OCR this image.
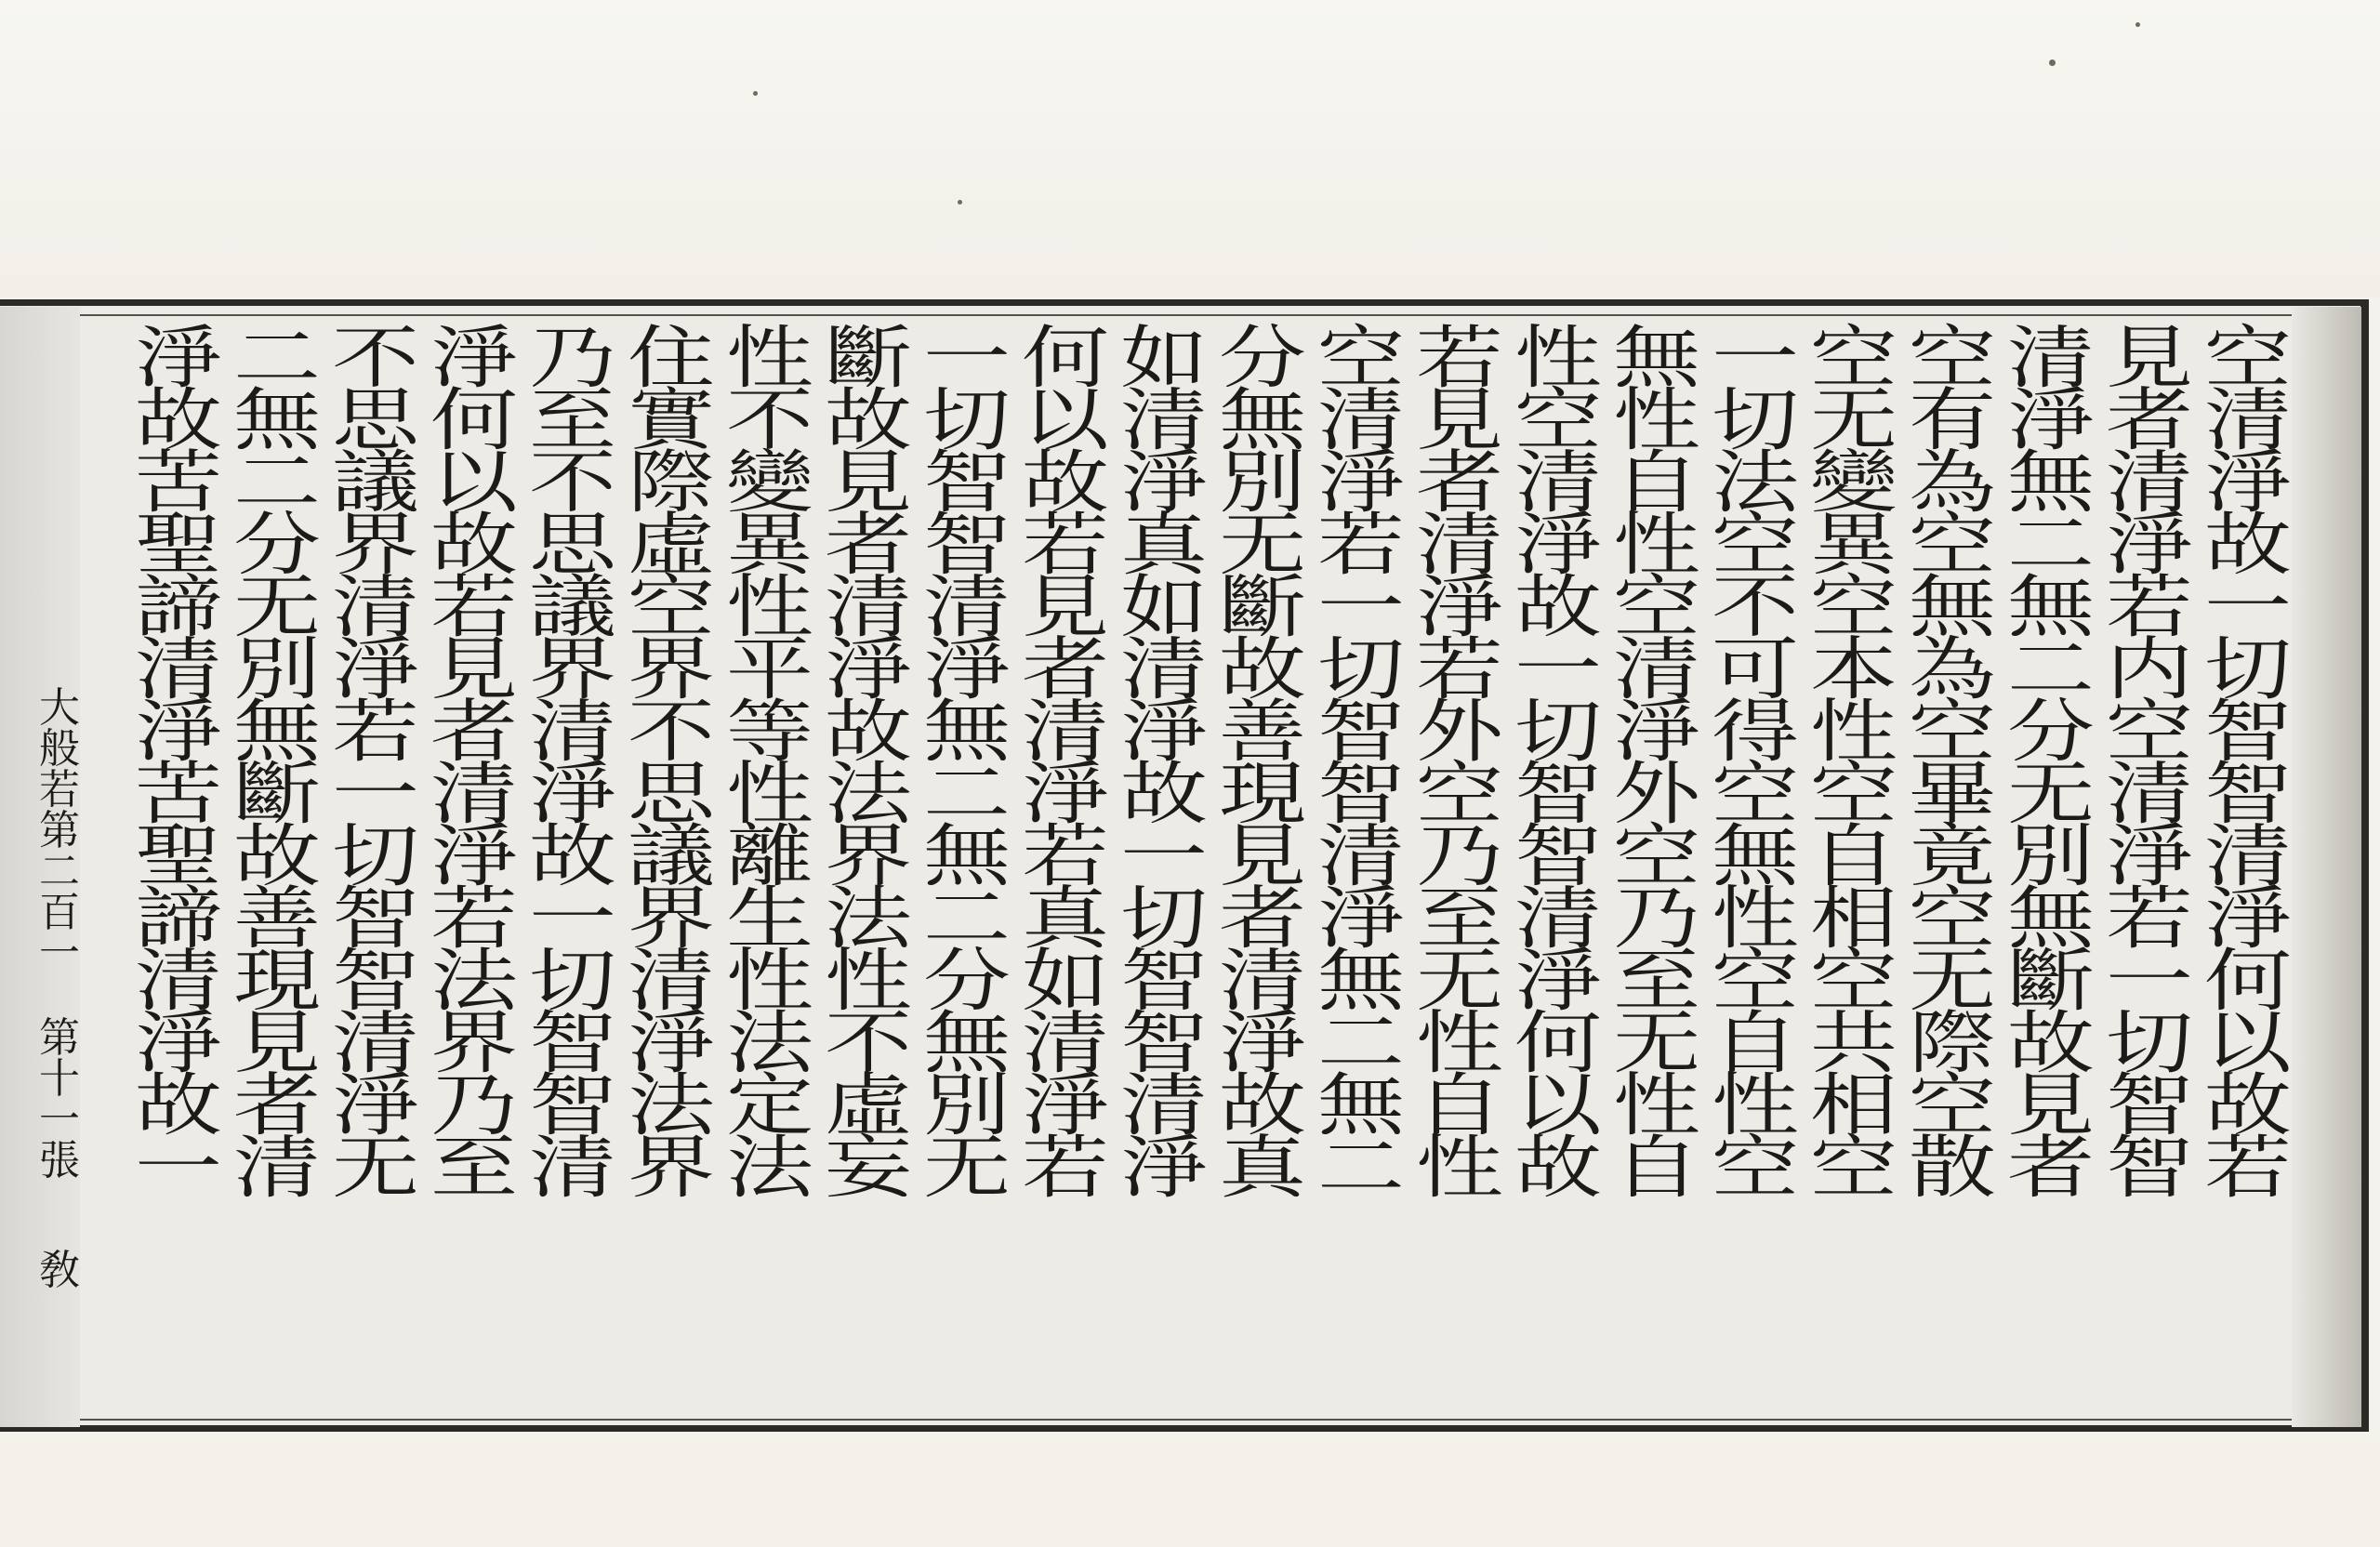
空
清
淨
故
一
切
智
智
清
淨
何
以
故
若
見
者
清
淨
若
内
空
清
淨
若
一
切
智
智
清
淨
無
二
無
二
分
无
別
無
斷
故
見
者
空
有
為
空
無
為
空
畢
竟
空
无
際
空
散
空
无
變
異
空
本
性
空
自
相
空
共
相
空
一
切
法
空
不
可
得
空
無
性
空
自
性
空
無
性
自
性
空
清
淨
外
空
乃
至
无
性
自
性
空
清
淨
故
一
切
智
智
清
淨
何
以
故
若
見
者
清
淨
若
外
空
乃
至
无
性
自
性
空
清
淨
若
一
切
智
智
清
淨
無
二
無
二
分
無
別
无
斷
故
善
現
見
者
清
淨
故
真
如
清
淨
真
如
清
淨
故
一
切
智
智
清
淨
何
以
故
若
見
者
清
淨
若
真
如
清
淨
若
一
切
智
智
清
淨
無
二
無
二
分
無
別
无
斷
故
見
者
清
淨
故
法
界
法
性
不
虛
妄
性
不
變
異
性
平
等
性
離
生
性
法
定
法
住
實
際
虛
空
界
不
思
議
界
清
淨
法
界
乃
至
不
思
議
界
清
淨
故
一
切
智
智
清
淨
何
以
故
若
見
者
清
淨
若
法
界
乃
至
不
思
議
界
清
淨
若
一
切
智
智
清
淨
无
二
無
二
分
无
別
無
斷
故
善
現
見
者
清
淨
故
苦
聖
諦
清
淨
苦
聖
諦
清
淨
故
一
大
般
若
第
二
百
一
第
十
一
張
敎
